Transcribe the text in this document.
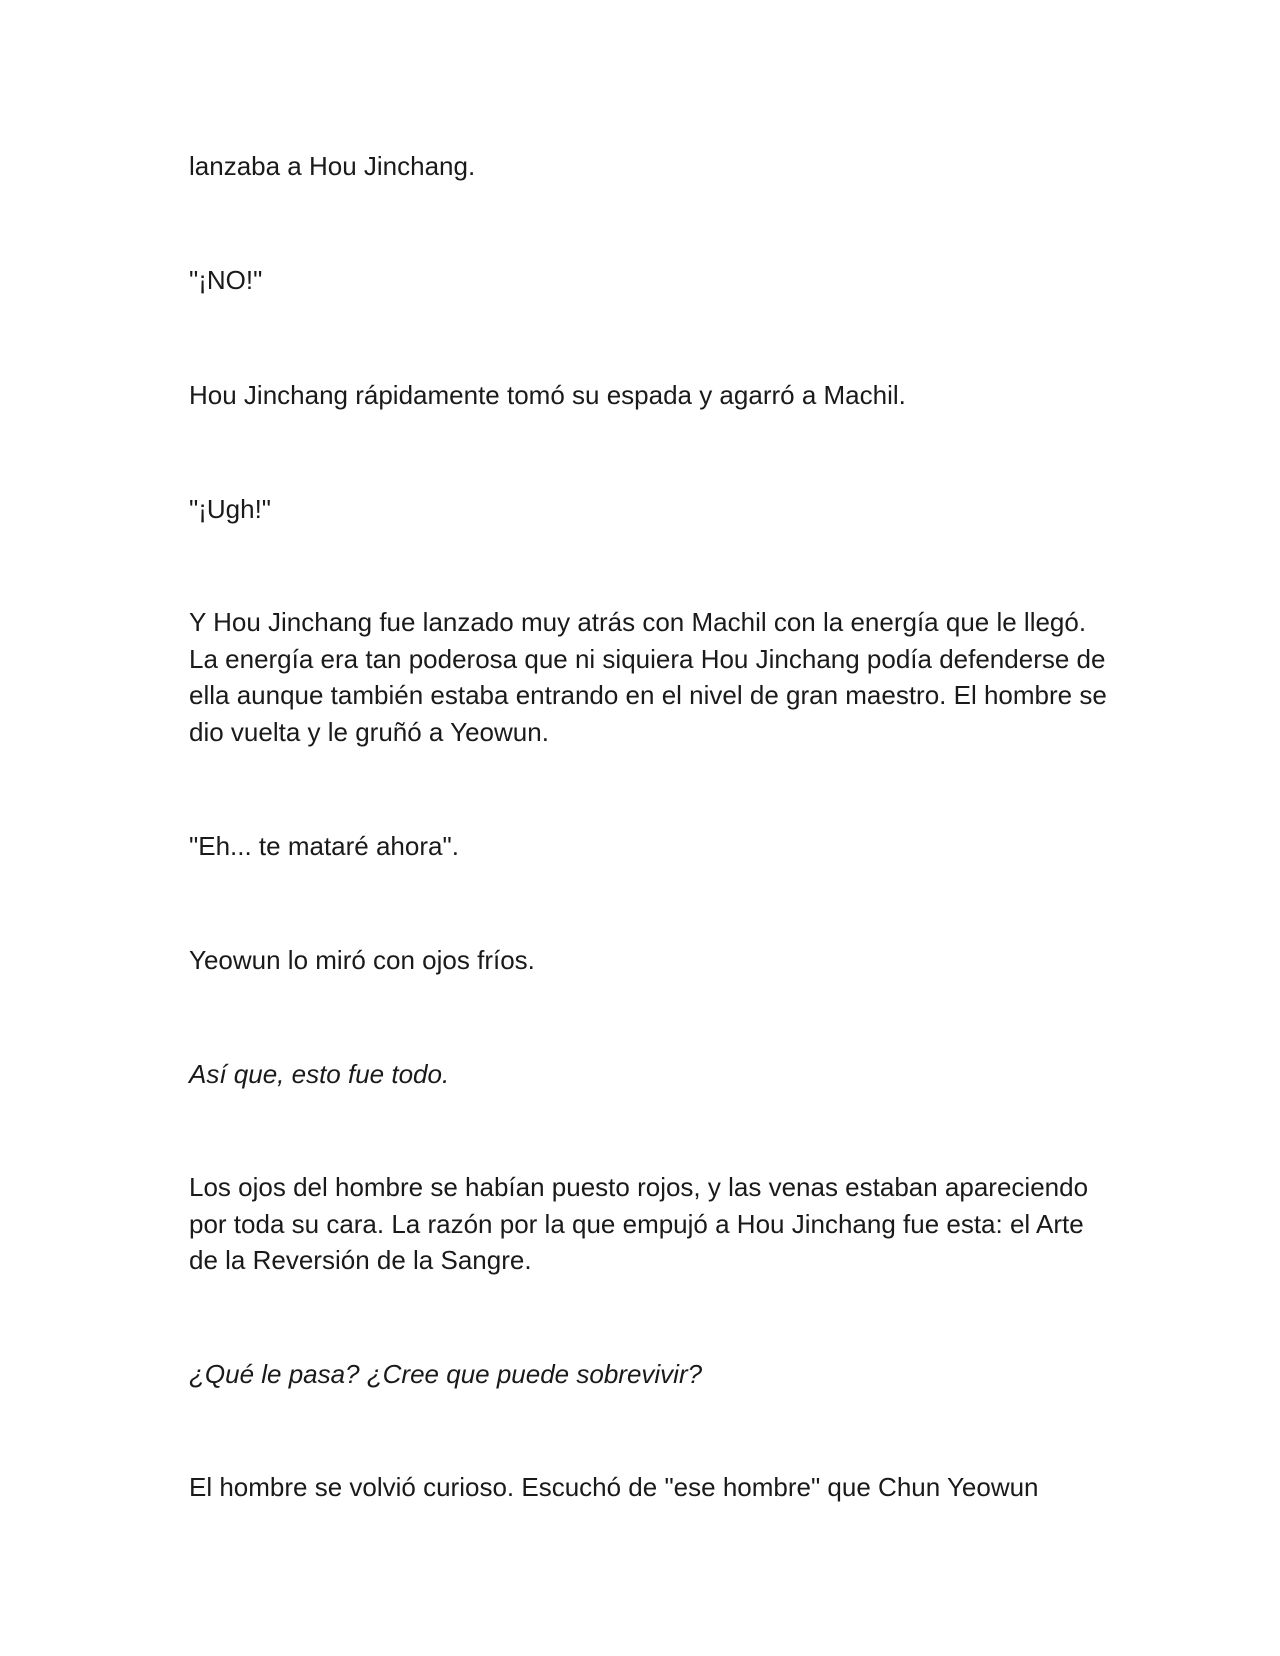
lanzaba a Hou Jinchang.

"¡NO!"

Hou Jinchang rápidamente tomó su espada y agarró a Machil.

"¡Ugh!"

Y Hou Jinchang fue lanzado muy atrás con Machil con la energía que le llegó. La energía era tan poderosa que ni siquiera Hou Jinchang podía defenderse de ella aunque también estaba entrando en el nivel de gran maestro. El hombre se dio vuelta y le gruñó a Yeowun.

"Eh... te mataré ahora".

Yeowun lo miró con ojos fríos.

Así que, esto fue todo.

Los ojos del hombre se habían puesto rojos, y las venas estaban apareciendo por toda su cara. La razón por la que empujó a Hou Jinchang fue esta: el Arte de la Reversión de la Sangre.

¿Qué le pasa? ¿Cree que puede sobrevivir?

El hombre se volvió curioso. Escuchó de "ese hombre" que Chun Yeowun
